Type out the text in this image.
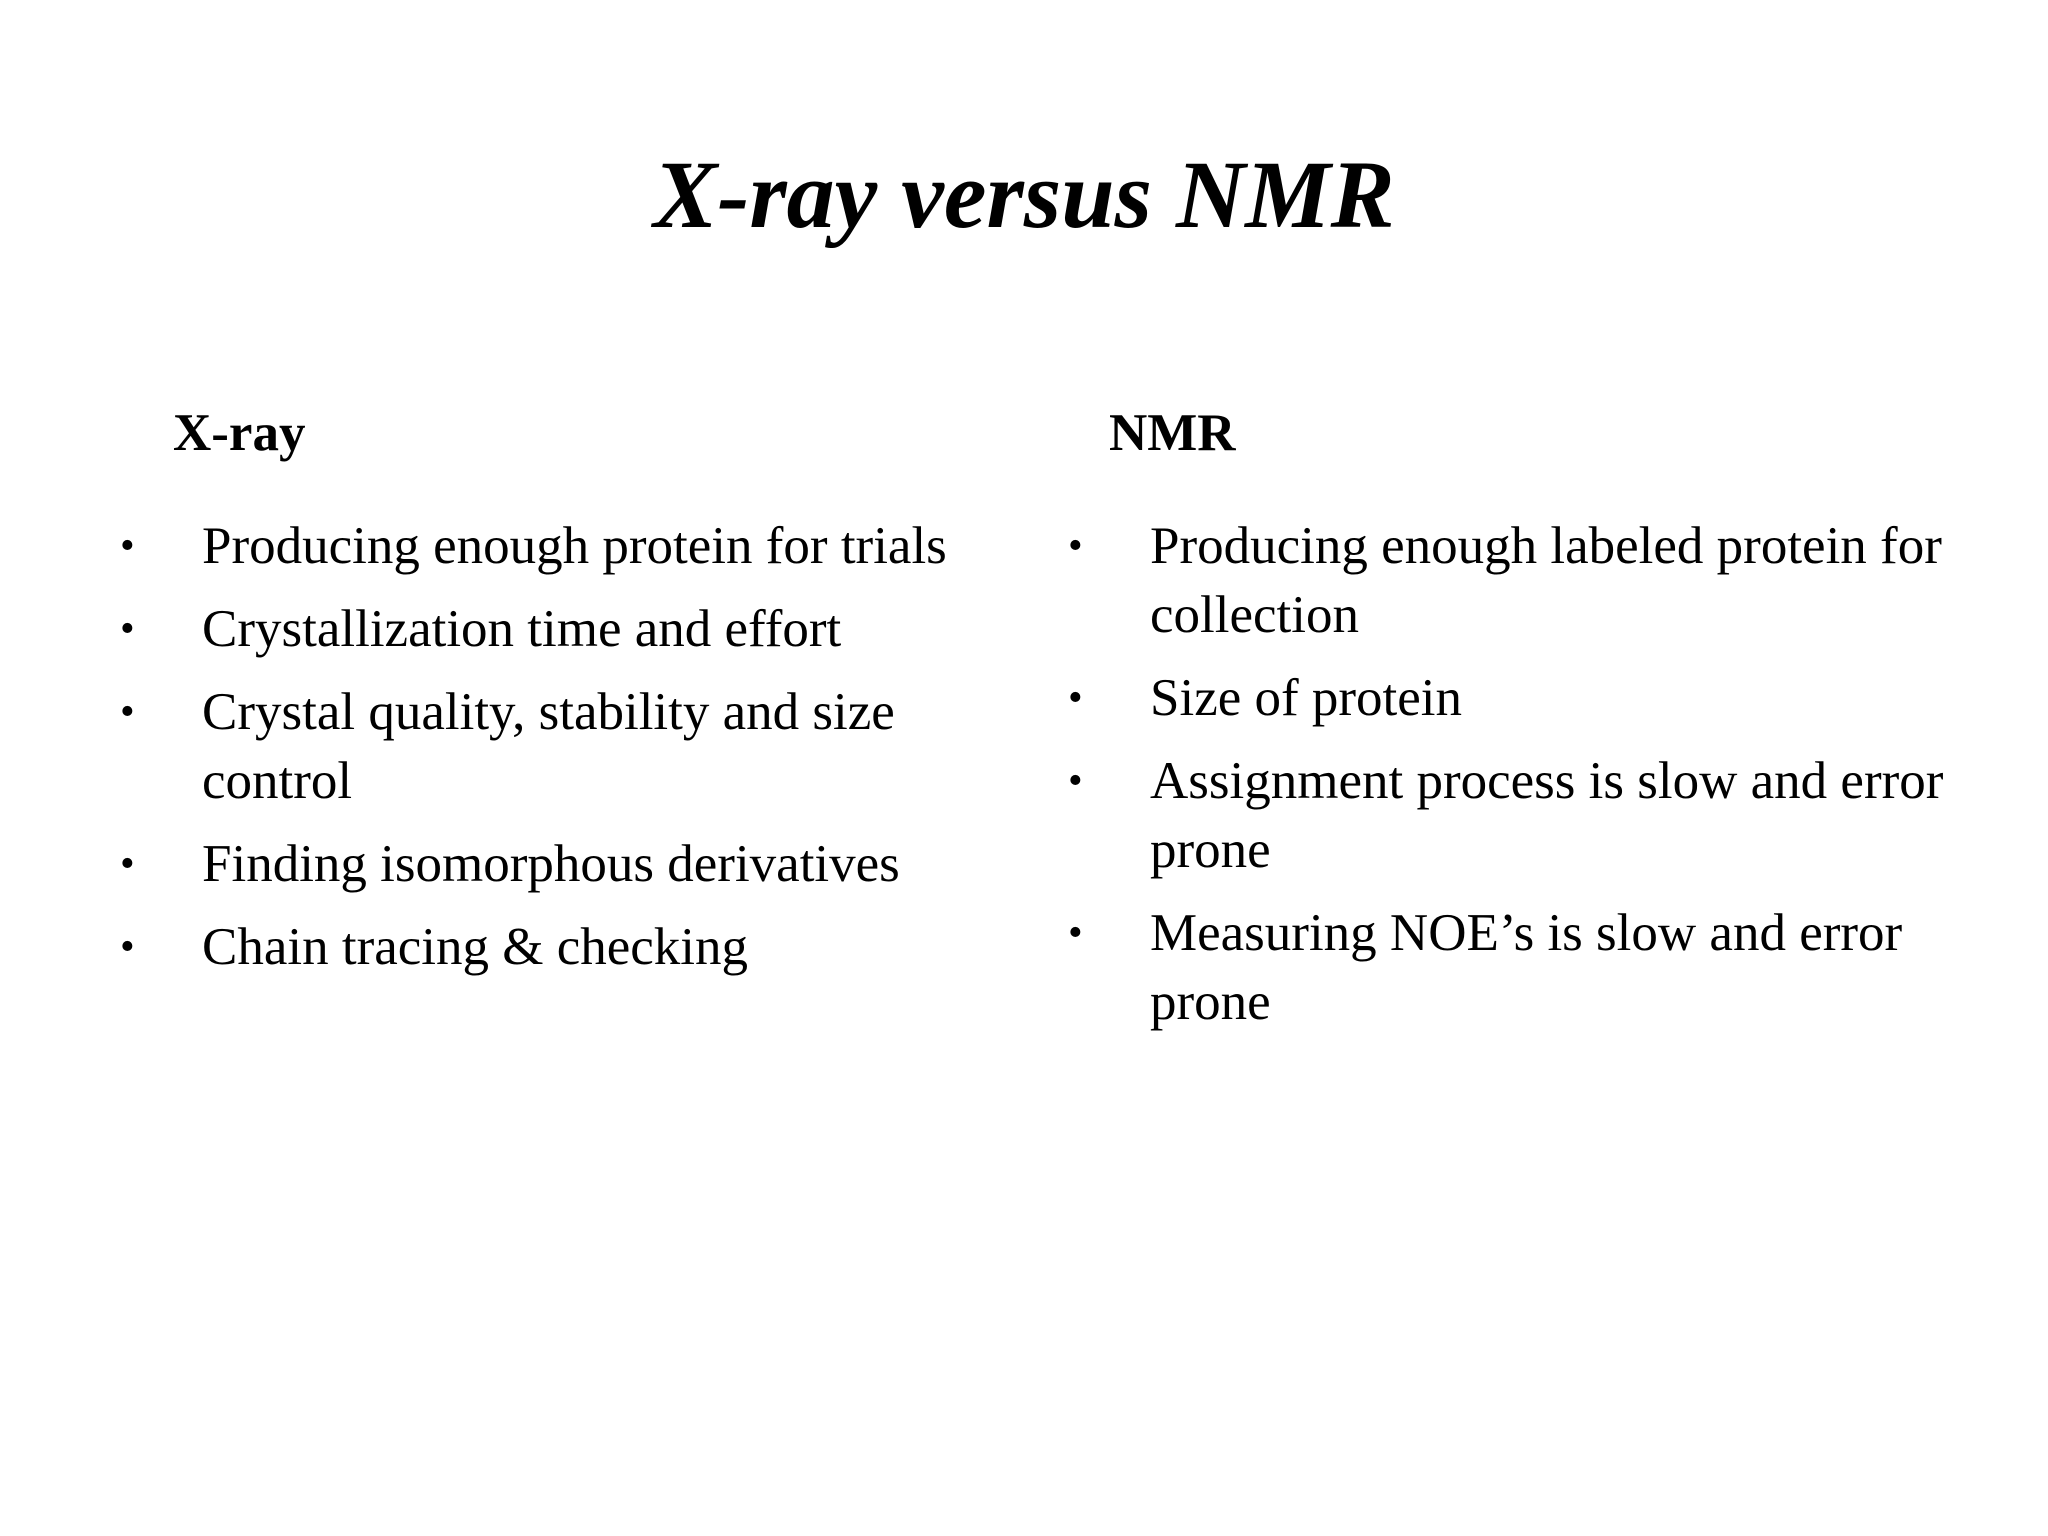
X-ray versus NMR
X-ray	NMR
• Producing enough protein for trials
• Crystallization time and effort
• Crystal quality, stability and size control
• Finding isomorphous derivatives
• Chain tracing & checking
• Producing enough labeled protein for collection
• Size of protein
• Assignment process is slow and error prone
• Measuring NOE’s is slow and error prone
